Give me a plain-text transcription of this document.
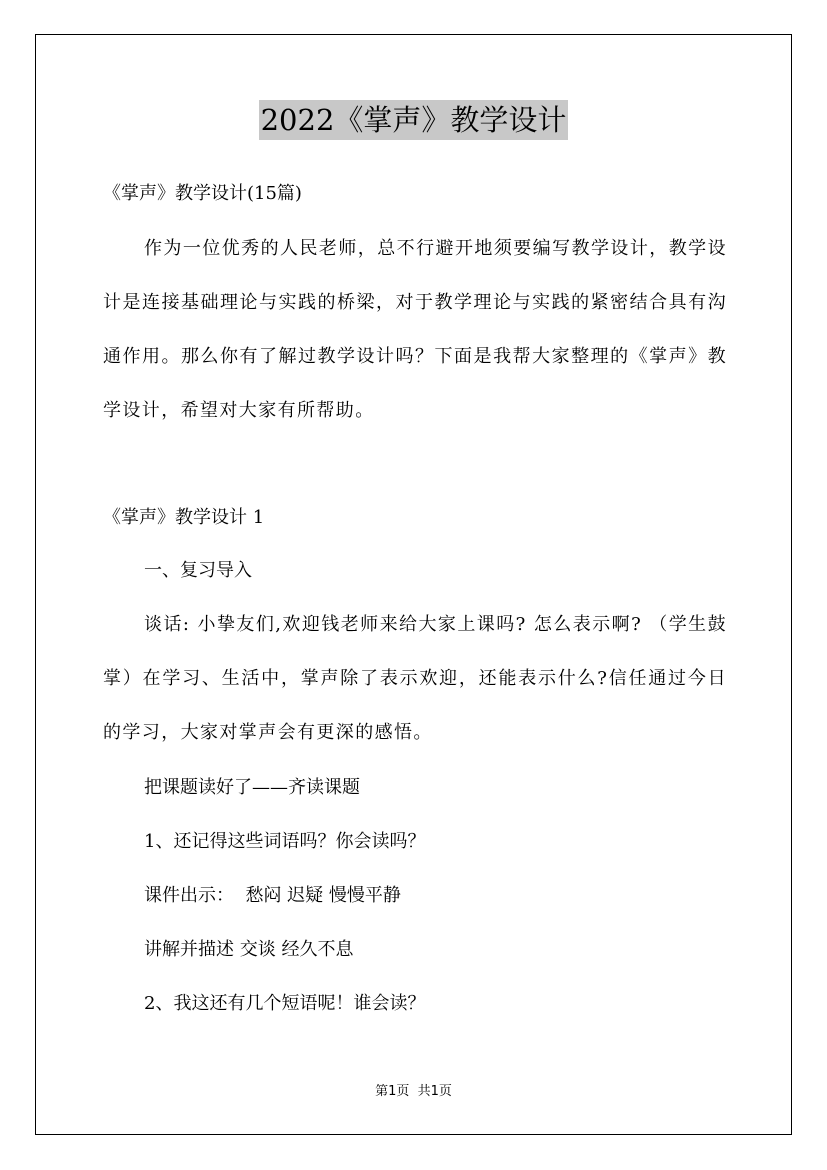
2022《掌声》教学设计
《掌声》教学设计(15篇)
作为一位优秀的人民老师，总不行避开地须要编写教学设计，教学设计是连接基础理论与实践的桥梁，对于教学理论与实践的紧密结合具有沟通作用。那么你有了解过教学设计吗？下面是我帮大家整理的《掌声》教学设计，希望对大家有所帮助。
《掌声》教学设计 1
一、复习导入
谈话: 小挚友们,欢迎钱老师来给大家上课吗? 怎么表示啊? （学生鼓掌）在学习、生活中，掌声除了表示欢迎，还能表示什么?信任通过今日的学习，大家对掌声会有更深的感悟。
把课题读好了——齐读课题
1、还记得这些词语吗？你会读吗？
课件出示：  愁闷 迟疑 慢慢平静
讲解并描述 交谈 经久不息
2、我这还有几个短语呢！谁会读？
第1页  共1页
